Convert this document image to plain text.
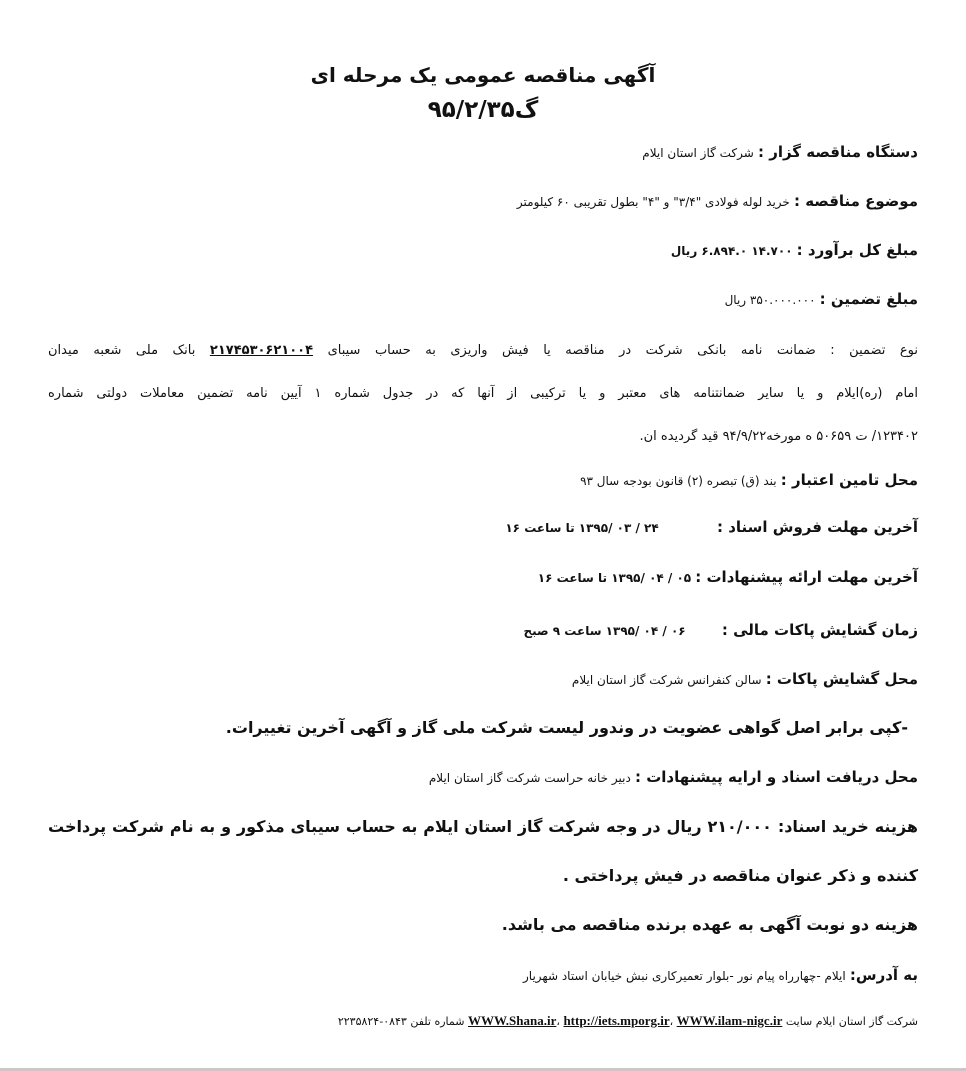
آگهی مناقصه عمومی یک مرحله ای
گ۹۵/۲/۳۵
دستگاه مناقصه گزار : شرکت گاز استان ایلام
موضوع مناقصه : خرید لوله فولادی "۳/۴" و "۴" بطول تقریبی ۶۰ کیلومتر
مبلغ کل برآورد : ۱۴.۷۰۰ ۶.۸۹۴.۰ ریال
مبلغ تضمین : ۳۵۰.۰۰۰.۰۰۰ ریال
نوع تضمین : ضمانت نامه بانکی شرکت در مناقصه یا فیش واریزی به حساب سیبای ۲۱۷۴۵۳۰۶۲۱۰۰۴ بانک ملی شعبه میدان
امام (ره)ایلام و یا سایر ضمانتنامه های معتبر و یا ترکیبی از آنها که در جدول شماره ۱ آیین نامه تضمین معاملات دولتی شماره
۱۲۳۴۰۲/ ت ۵۰۶۵۹ ه مورخه۹۴/۹/۲۲ قید گردیده ان.
محل تامین اعتبار : بند (ق) تبصره (۲) قانون بودجه سال ۹۳
آخرین مهلت فروش اسناد :  ۲۴ / ۰۳ /۱۳۹۵ تا ساعت ۱۶
آخرین مهلت ارائه پیشنهادات : ۰۵ / ۰۴ /۱۳۹۵ تا ساعت ۱۶
زمان گشایش پاکات مالی :  ۰۶ / ۰۴ /۱۳۹۵ ساعت ۹ صبح
محل گشایش پاکات : سالن کنفرانس شرکت گاز استان ایلام
-کپی برابر اصل گواهی عضویت در وندور لیست شرکت ملی گاز و آگهی آخرین تغییرات.
محل دریافت اسناد و ارایه پیشنهادات : دبیر خانه حراست شرکت گاز استان ایلام
هزینه خرید اسناد: ۲۱۰/۰۰۰ ریال در وجه شرکت گاز استان ایلام به حساب سیبای مذکور و به نام شرکت پرداخت
کننده و ذکر عنوان مناقصه در فیش پرداختی .
هزینه دو نوبت آگهی به عهده برنده مناقصه می باشد.
به آدرس: ایلام -چهارراه پیام نور -بلوار تعمیرکاری نبش خیابان استاد شهریار
شرکت گاز استان ایلام سایت WWW.Shana.ir، http://iets.mporg.ir، WWW.ilam-nigc.ir شماره تلفن ۰۸۴۳-۲۲۳۵۸۲۴
